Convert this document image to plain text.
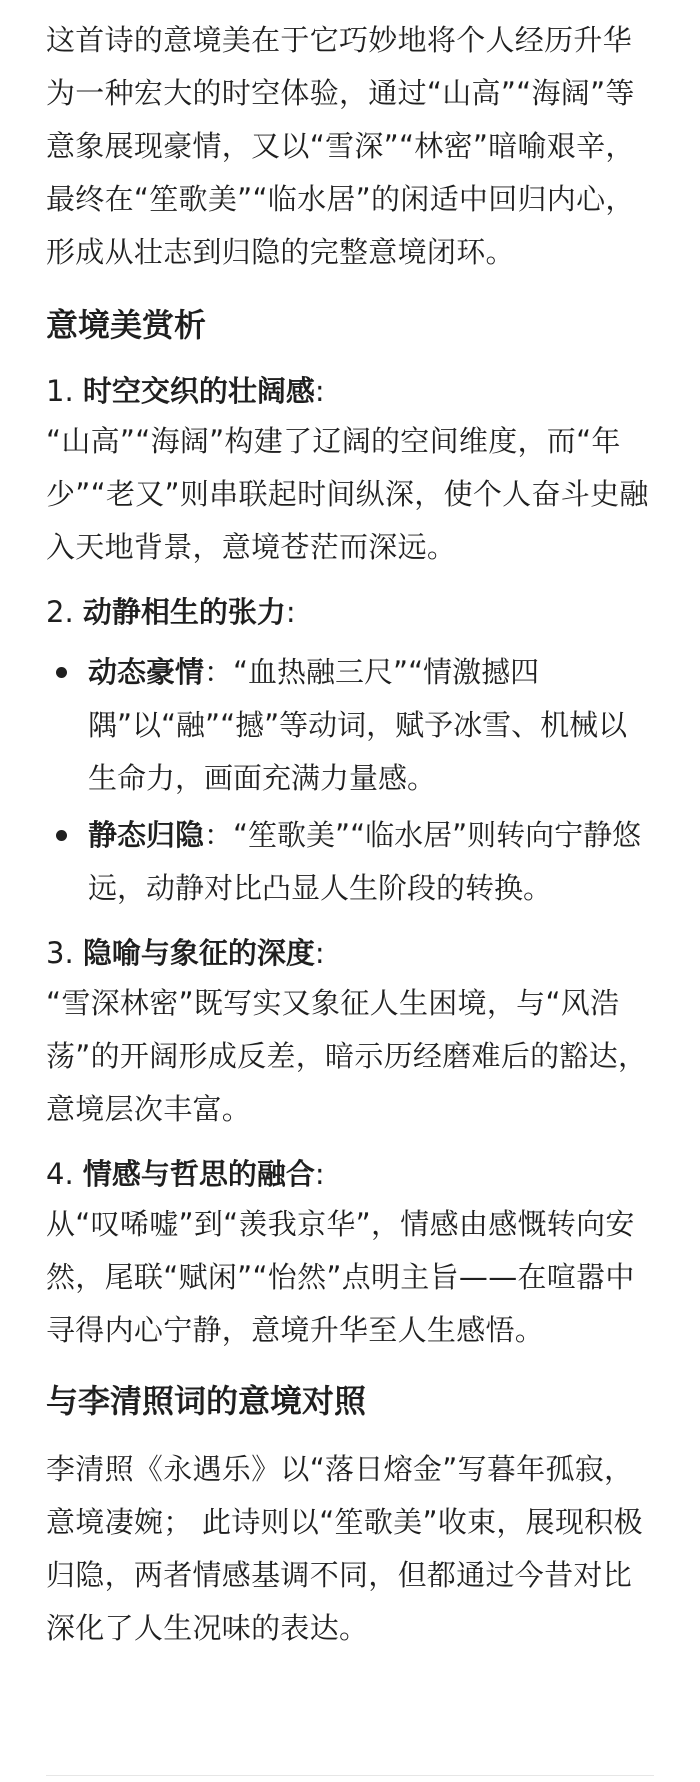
这首诗的意境美在于它巧妙地将个人经历升华为一种宏大的时空体验，通过“山高”“海阔”等意象展现豪情，又以“雪深”“林密”暗喻艰辛，最终在“笙歌美”“临水居”的闲适中回归内心，形成从壮志到归隐的完整意境闭环。

意境美赏析

1. 时空交织的壮阔感:

“山高”“海阔”构建了辽阔的空间维度，而“年少”“老又”则串联起时间纵深，使个人奋斗史融入天地背景，意境苍茫而深远。

2. 动静相生的张力:

动态豪情：“血热融三尺”“情激撼四隅”以“融”“撼”等动词，赋予冰雪、机械以生命力，画面充满力量感。
静态归隐：“笙歌美”“临水居”则转向宁静悠远，动静对比凸显人生阶段的转换。

3. 隐喻与象征的深度:

“雪深林密”既写实又象征人生困境，与“风浩荡”的开阔形成反差，暗示历经磨难后的豁达，意境层次丰富。

4. 情感与哲思的融合:

从“叹唏嘘”到“羡我京华”，情感由感慨转向安然，尾联“赋闲”“怡然”点明主旨——在喧嚣中寻得内心宁静，意境升华至人生感悟。

与李清照词的意境对照

李清照《永遇乐》以“落日熔金”写暮年孤寂，意境凄婉； 此诗则以“笙歌美”收束，展现积极归隐，两者情感基调不同，但都通过今昔对比深化了人生况味的表达。
